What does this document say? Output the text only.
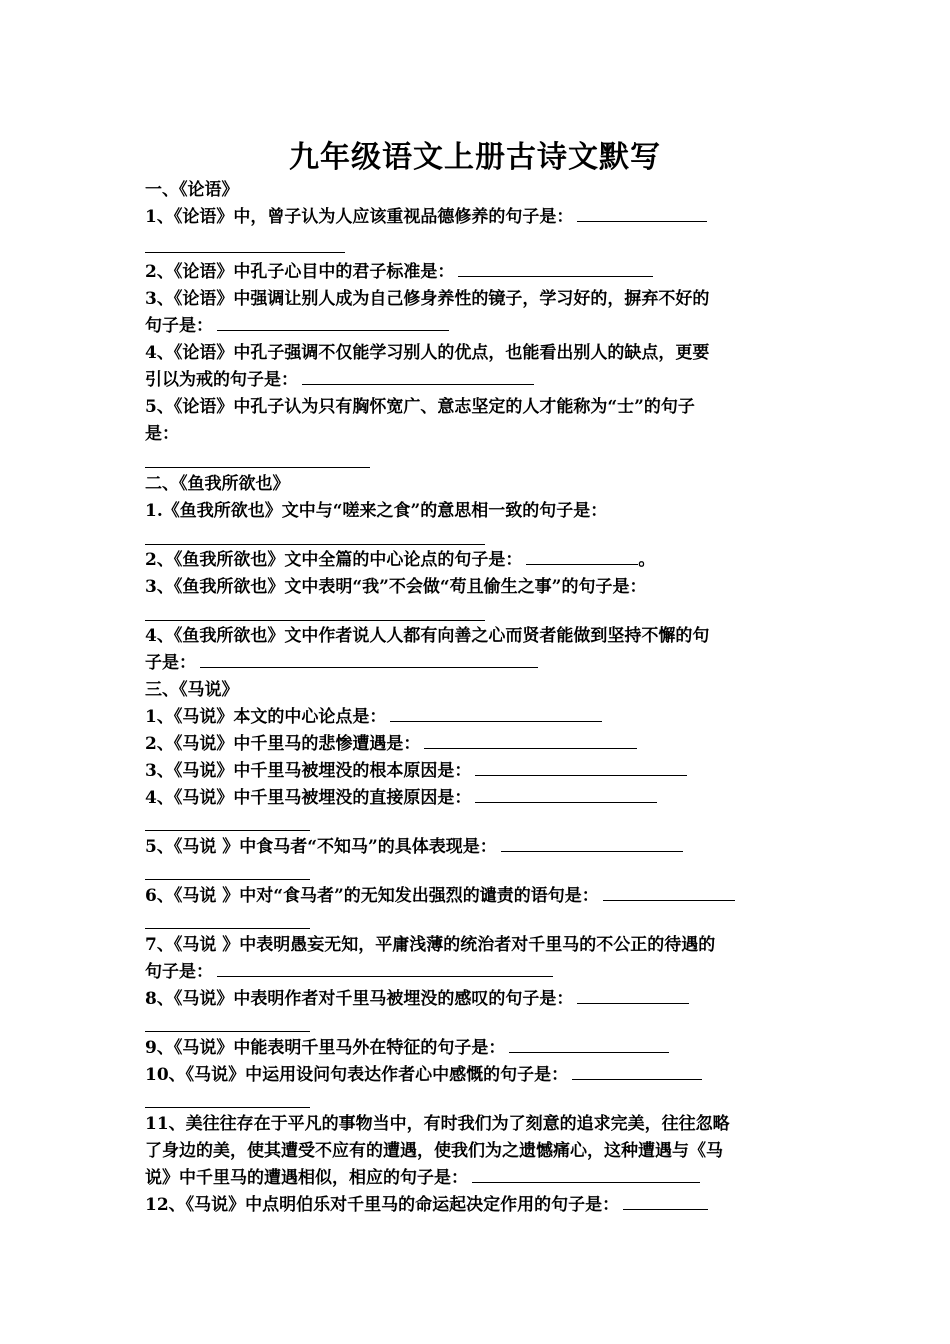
九年级语文上册古诗文默写
一、《论语》
1、《论语》中，曾子认为人应该重视品德修养的句子是：
2、《论语》中孔子心目中的君子标准是：
3、《论语》中强调让别人成为自己修身养性的镜子，学习好的，摒弃不好的
句子是：
4、《论语》中孔子强调不仅能学习别人的优点，也能看出别人的缺点，更要
引以为戒的句子是：
5、《论语》中孔子认为只有胸怀宽广、意志坚定的人才能称为“士”的句子
是：
二、《鱼我所欲也》
1.《鱼我所欲也》文中与“嗟来之食”的意思相一致的句子是：
2、《鱼我所欲也》文中全篇的中心论点的句子是：	。
3、《鱼我所欲也》文中表明“我”不会做“苟且偷生之事”的句子是：
4、《鱼我所欲也》文中作者说人人都有向善之心而贤者能做到坚持不懈的句
子是：
三、《马说》
1、《马说》本文的中心论点是：
2、《马说》中千里马的悲惨遭遇是：
3、《马说》中千里马被埋没的根本原因是：
4、《马说》中千里马被埋没的直接原因是：
5、《马说 》中食马者“不知马”的具体表现是：
6、《马说 》中对“食马者”的无知发出强烈的谴责的语句是：
7、《马说 》中表明愚妄无知，平庸浅薄的统治者对千里马的不公正的待遇的
句子是：
8、《马说》中表明作者对千里马被埋没的感叹的句子是：
9、《马说》中能表明千里马外在特征的句子是：
10、《马说》中运用设问句表达作者心中感慨的句子是：
11、美往往存在于平凡的事物当中，有时我们为了刻意的追求完美，往往忽略
了身边的美，使其遭受不应有的遭遇，使我们为之遗憾痛心，这种遭遇与《马
说》中千里马的遭遇相似，相应的句子是：
12、《马说》中点明伯乐对千里马的命运起决定作用的句子是：
